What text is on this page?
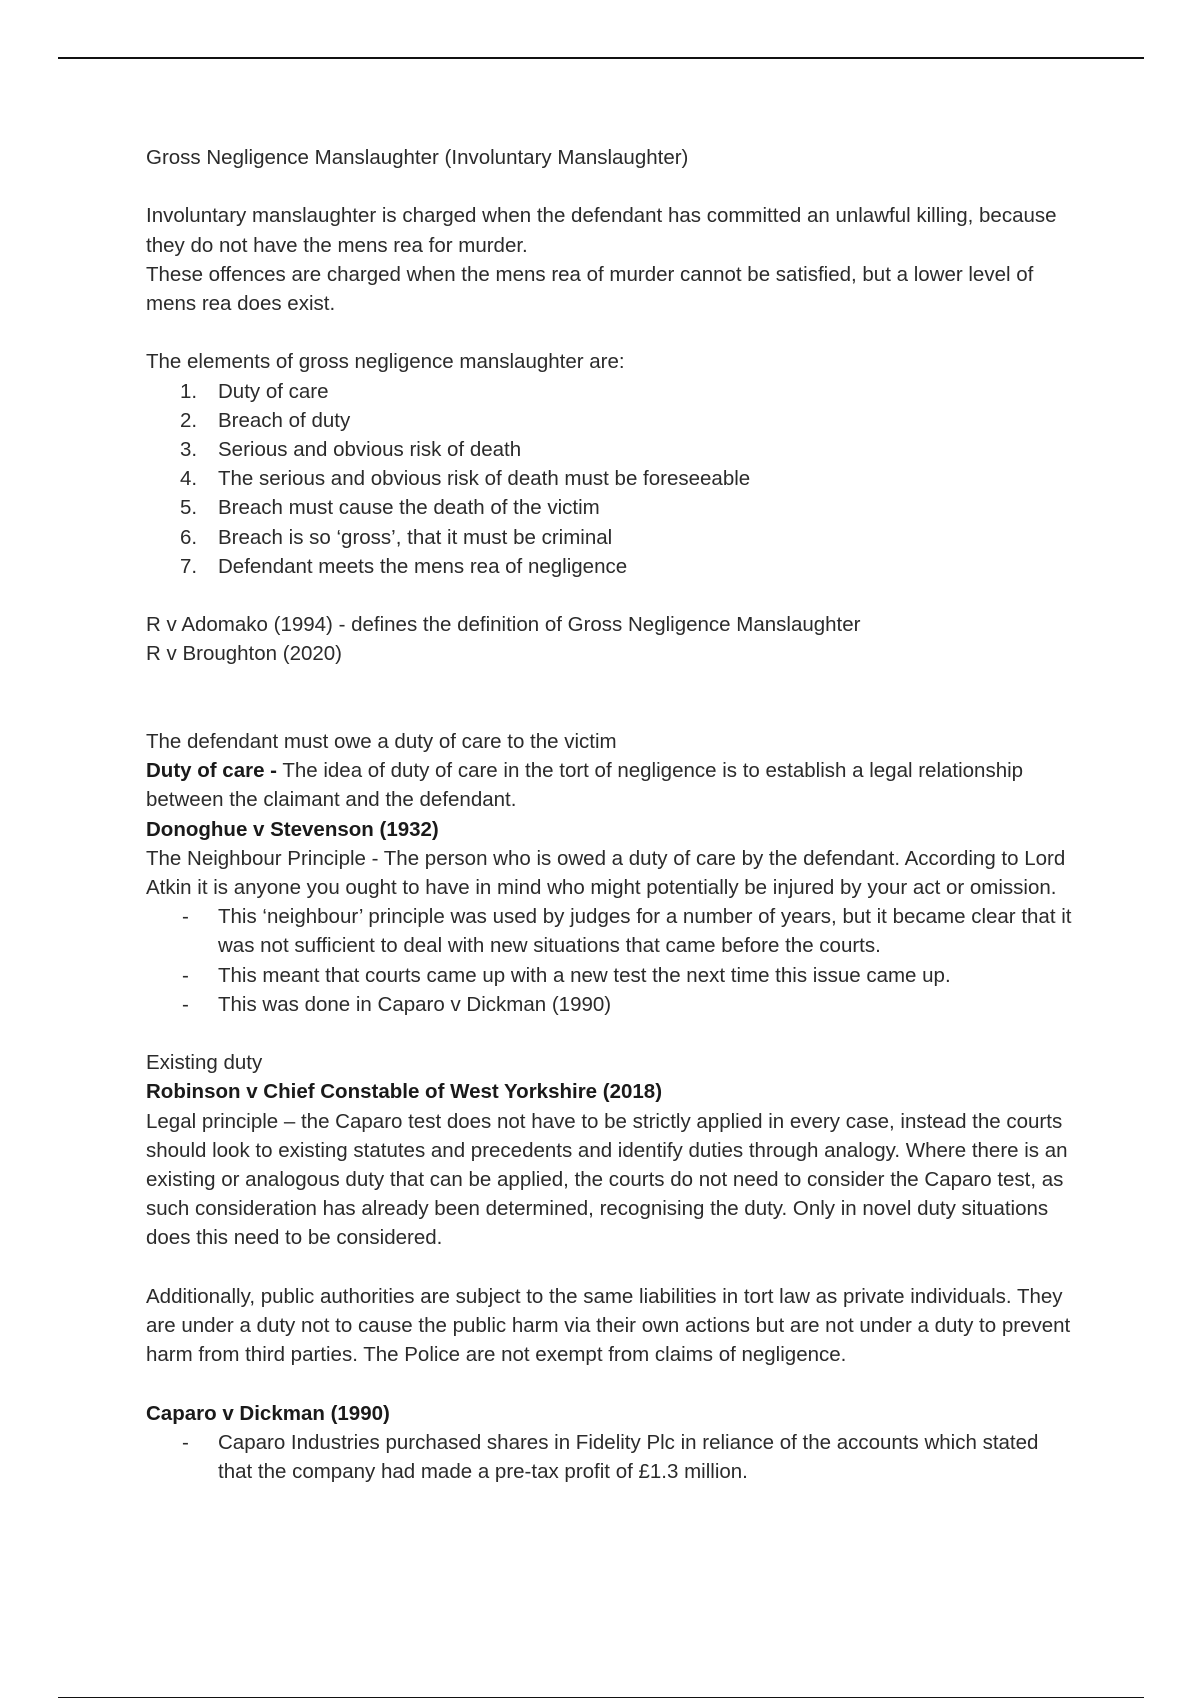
Gross Negligence Manslaughter (Involuntary Manslaughter)

Involuntary manslaughter is charged when the defendant has committed an unlawful killing, because they do not have the mens rea for murder.

These offences are charged when the mens rea of murder cannot be satisfied, but a lower level of mens rea does exist.

The elements of gross negligence manslaughter are:

1. Duty of care
2. Breach of duty
3. Serious and obvious risk of death
4. The serious and obvious risk of death must be foreseeable
5. Breach must cause the death of the victim
6. Breach is so ‘gross’, that it must be criminal
7. Defendant meets the mens rea of negligence

R v Adomako (1994) - defines the definition of Gross Negligence Manslaughter

R v Broughton (2020)

The defendant must owe a duty of care to the victim

Duty of care - The idea of duty of care in the tort of negligence is to establish a legal relationship between the claimant and the defendant.

Donoghue v Stevenson (1932)

The Neighbour Principle - The person who is owed a duty of care by the defendant. According to Lord Atkin it is anyone you ought to have in mind who might potentially be injured by your act or omission.

- This ‘neighbour’ principle was used by judges for a number of years, but it became clear that it was not sufficient to deal with new situations that came before the courts.
- This meant that courts came up with a new test the next time this issue came up.
- This was done in Caparo v Dickman (1990)

Existing duty

Robinson v Chief Constable of West Yorkshire (2018)

Legal principle – the Caparo test does not have to be strictly applied in every case, instead the courts should look to existing statutes and precedents and identify duties through analogy. Where there is an existing or analogous duty that can be applied, the courts do not need to consider the Caparo test, as such consideration has already been determined, recognising the duty. Only in novel duty situations does this need to be considered.

Additionally, public authorities are subject to the same liabilities in tort law as private individuals. They are under a duty not to cause the public harm via their own actions but are not under a duty to prevent harm from third parties. The Police are not exempt from claims of negligence.

Caparo v Dickman (1990)

- Caparo Industries purchased shares in Fidelity Plc in reliance of the accounts which stated that the company had made a pre-tax profit of £1.3 million.
